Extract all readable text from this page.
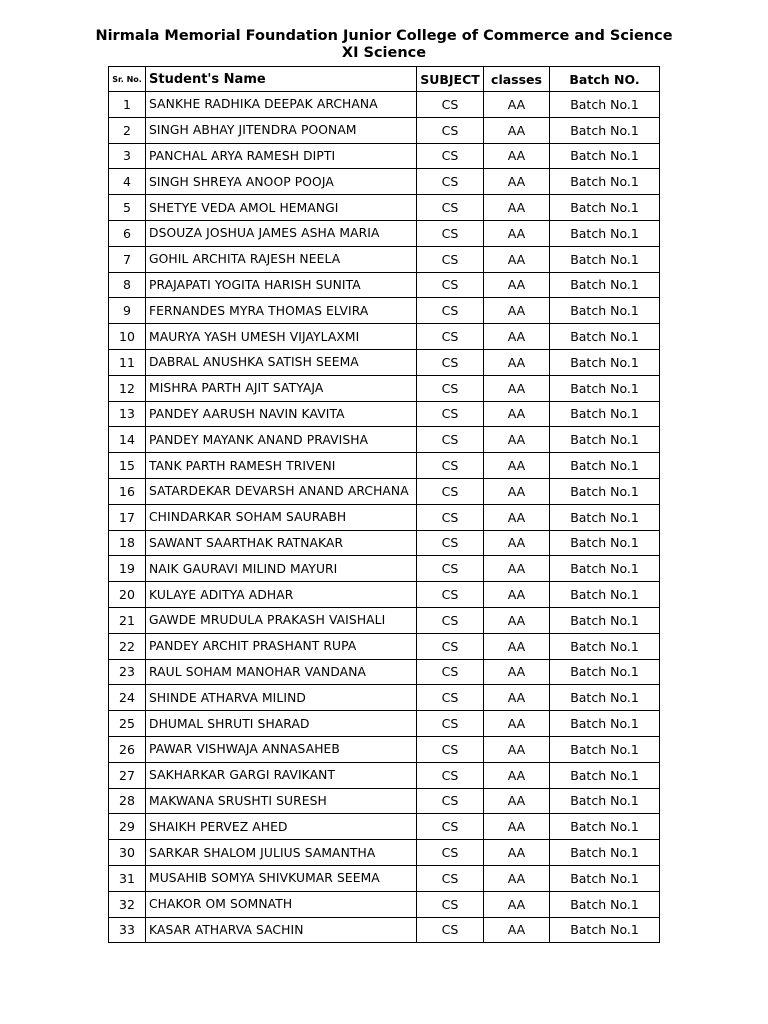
Nirmala Memorial Foundation Junior College of Commerce and Science
XI Science
Sr. No.	Student's Name	SUBJECT	classes	Batch NO.
1	SANKHE RADHIKA DEEPAK ARCHANA	CS	AA	Batch No.1
2	SINGH ABHAY JITENDRA POONAM	CS	AA	Batch No.1
3	PANCHAL ARYA RAMESH DIPTI	CS	AA	Batch No.1
4	SINGH SHREYA ANOOP POOJA	CS	AA	Batch No.1
5	SHETYE VEDA AMOL HEMANGI	CS	AA	Batch No.1
6	DSOUZA JOSHUA JAMES ASHA MARIA	CS	AA	Batch No.1
7	GOHIL ARCHITA RAJESH NEELA	CS	AA	Batch No.1
8	PRAJAPATI YOGITA HARISH SUNITA	CS	AA	Batch No.1
9	FERNANDES MYRA THOMAS ELVIRA	CS	AA	Batch No.1
10	MAURYA YASH UMESH VIJAYLAXMI	CS	AA	Batch No.1
11	DABRAL ANUSHKA SATISH SEEMA	CS	AA	Batch No.1
12	MISHRA PARTH AJIT SATYAJA	CS	AA	Batch No.1
13	PANDEY AARUSH NAVIN KAVITA	CS	AA	Batch No.1
14	PANDEY MAYANK ANAND PRAVISHA	CS	AA	Batch No.1
15	TANK PARTH RAMESH TRIVENI	CS	AA	Batch No.1
16	SATARDEKAR DEVARSH ANAND ARCHANA	CS	AA	Batch No.1
17	CHINDARKAR SOHAM SAURABH	CS	AA	Batch No.1
18	SAWANT SAARTHAK RATNAKAR	CS	AA	Batch No.1
19	NAIK GAURAVI MILIND MAYURI	CS	AA	Batch No.1
20	KULAYE ADITYA ADHAR	CS	AA	Batch No.1
21	GAWDE MRUDULA PRAKASH VAISHALI	CS	AA	Batch No.1
22	PANDEY ARCHIT PRASHANT RUPA	CS	AA	Batch No.1
23	RAUL SOHAM MANOHAR VANDANA	CS	AA	Batch No.1
24	SHINDE ATHARVA MILIND	CS	AA	Batch No.1
25	DHUMAL SHRUTI SHARAD	CS	AA	Batch No.1
26	PAWAR VISHWAJA ANNASAHEB	CS	AA	Batch No.1
27	SAKHARKAR GARGI RAVIKANT	CS	AA	Batch No.1
28	MAKWANA SRUSHTI SURESH	CS	AA	Batch No.1
29	SHAIKH PERVEZ AHED	CS	AA	Batch No.1
30	SARKAR SHALOM JULIUS SAMANTHA	CS	AA	Batch No.1
31	MUSAHIB SOMYA SHIVKUMAR SEEMA	CS	AA	Batch No.1
32	CHAKOR OM SOMNATH	CS	AA	Batch No.1
33	KASAR ATHARVA SACHIN	CS	AA	Batch No.1
